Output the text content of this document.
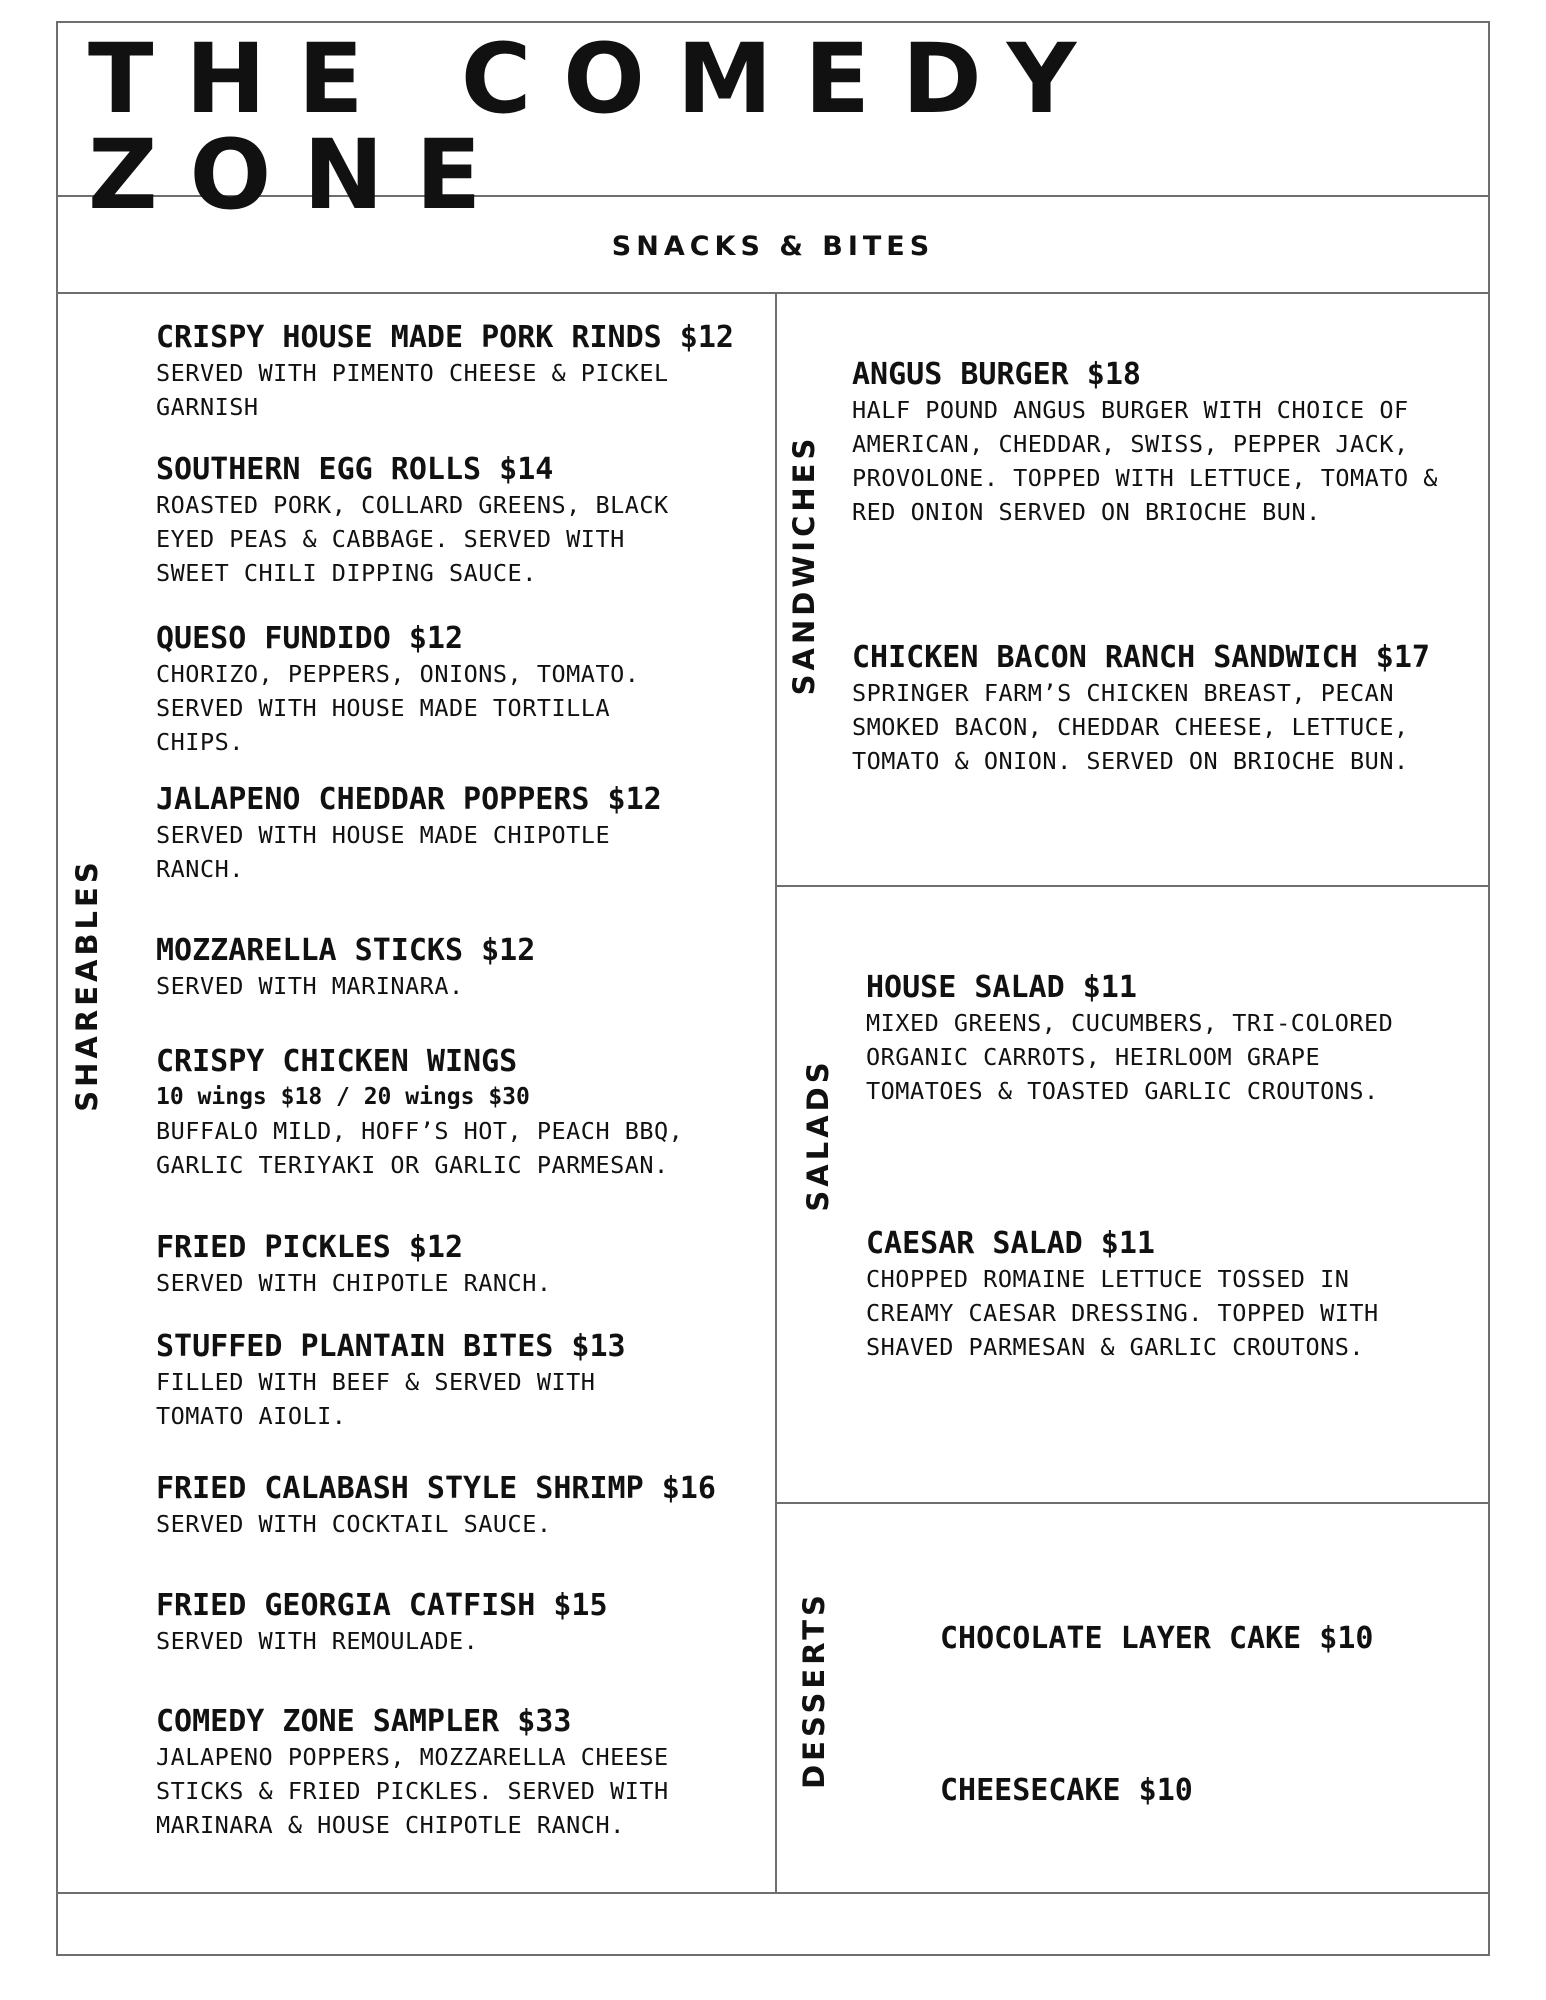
THE COMEDY ZONE
SNACKS & BITES
SHAREABLES
SANDWICHES
SALADS
DESSERTS
CRISPY HOUSE MADE PORK RINDS $12
SERVED WITH PIMENTO CHEESE & PICKEL GARNISH
SOUTHERN EGG ROLLS $14
ROASTED PORK, COLLARD GREENS, BLACK EYED PEAS & CABBAGE. SERVED WITH SWEET CHILI DIPPING SAUCE.
QUESO FUNDIDO $12
CHORIZO, PEPPERS, ONIONS, TOMATO. SERVED WITH HOUSE MADE TORTILLA CHIPS.
JALAPENO CHEDDAR POPPERS $12
SERVED WITH HOUSE MADE CHIPOTLE RANCH.
MOZZARELLA STICKS $12
SERVED WITH MARINARA.
CRISPY CHICKEN WINGS
10 wings $18 / 20 wings $30
BUFFALO MILD, HOFF’S HOT, PEACH BBQ, GARLIC TERIYAKI OR GARLIC PARMESAN.
FRIED PICKLES $12
SERVED WITH CHIPOTLE RANCH.
STUFFED PLANTAIN BITES $13
FILLED WITH BEEF & SERVED WITH TOMATO AIOLI.
FRIED CALABASH STYLE SHRIMP $16
SERVED WITH COCKTAIL SAUCE.
FRIED GEORGIA CATFISH $15
SERVED WITH REMOULADE.
COMEDY ZONE SAMPLER $33
JALAPENO POPPERS, MOZZARELLA CHEESE STICKS & FRIED PICKLES. SERVED WITH MARINARA & HOUSE CHIPOTLE RANCH.
ANGUS BURGER $18
HALF POUND ANGUS BURGER WITH CHOICE OF AMERICAN, CHEDDAR, SWISS, PEPPER JACK, PROVOLONE. TOPPED WITH LETTUCE, TOMATO & RED ONION SERVED ON BRIOCHE BUN.
CHICKEN BACON RANCH SANDWICH $17
SPRINGER FARM’S CHICKEN BREAST, PECAN SMOKED BACON, CHEDDAR CHEESE, LETTUCE, TOMATO & ONION. SERVED ON BRIOCHE BUN.
HOUSE SALAD $11
MIXED GREENS, CUCUMBERS, TRI-COLORED ORGANIC CARROTS, HEIRLOOM GRAPE TOMATOES & TOASTED GARLIC CROUTONS.
CAESAR SALAD $11
CHOPPED ROMAINE LETTUCE TOSSED IN CREAMY CAESAR DRESSING. TOPPED WITH SHAVED PARMESAN & GARLIC CROUTONS.
CHOCOLATE LAYER CAKE $10
CHEESECAKE $10
